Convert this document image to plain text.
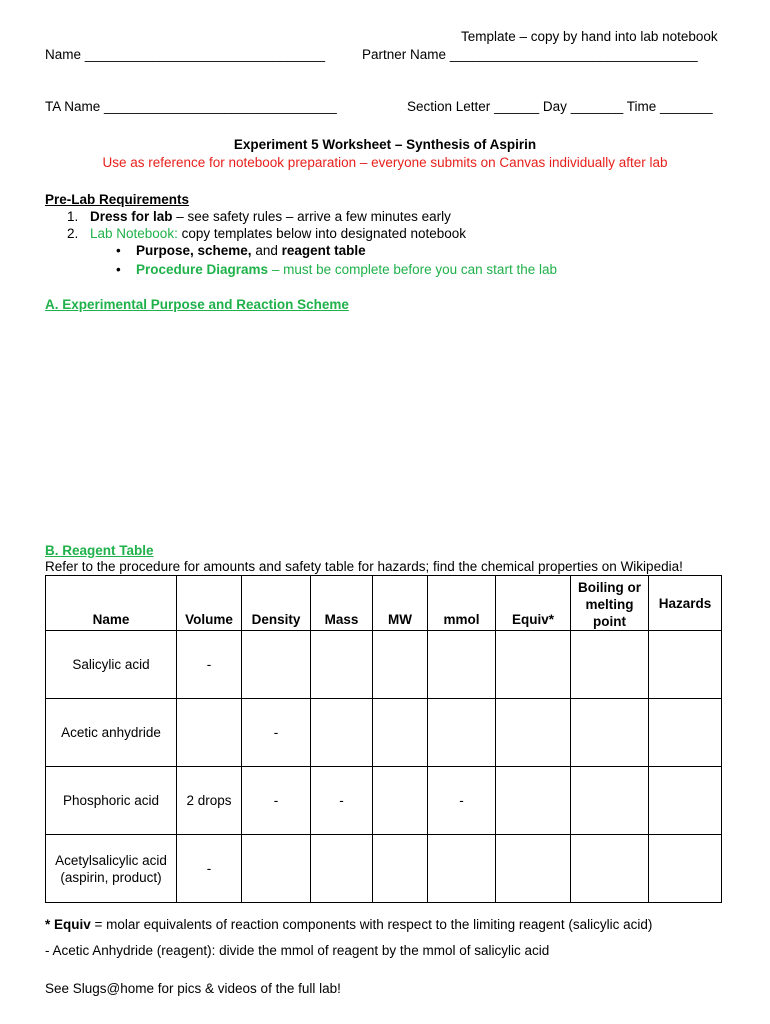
Template – copy by hand into lab notebook
Name ________________________________	Partner Name _________________________________
TA Name _______________________________	Section Letter ______ Day _______ Time _______
Experiment 5 Worksheet – Synthesis of Aspirin
Use as reference for notebook preparation – everyone submits on Canvas individually after lab
Pre-Lab Requirements
1. Dress for lab – see safety rules – arrive a few minutes early
2. Lab Notebook: copy templates below into designated notebook
• Purpose, scheme, and reagent table
• Procedure Diagrams – must be complete before you can start the lab
A. Experimental Purpose and Reaction Scheme
B. Reagent Table
Refer to the procedure for amounts and safety table for hazards; find the chemical properties on Wikipedia!
Name	Volume	Density	Mass	MW	mmol	Equiv*	Boiling or
melting
point	Hazards
Salicylic acid	-							
Acetic anhydride		-						
Phosphoric acid	2 drops	-	-		-			
Acetylsalicylic acid
(aspirin, product)	-							
* Equiv = molar equivalents of reaction components with respect to the limiting reagent (salicylic acid)
- Acetic Anhydride (reagent): divide the mmol of reagent by the mmol of salicylic acid
See Slugs@home for pics & videos of the full lab!
